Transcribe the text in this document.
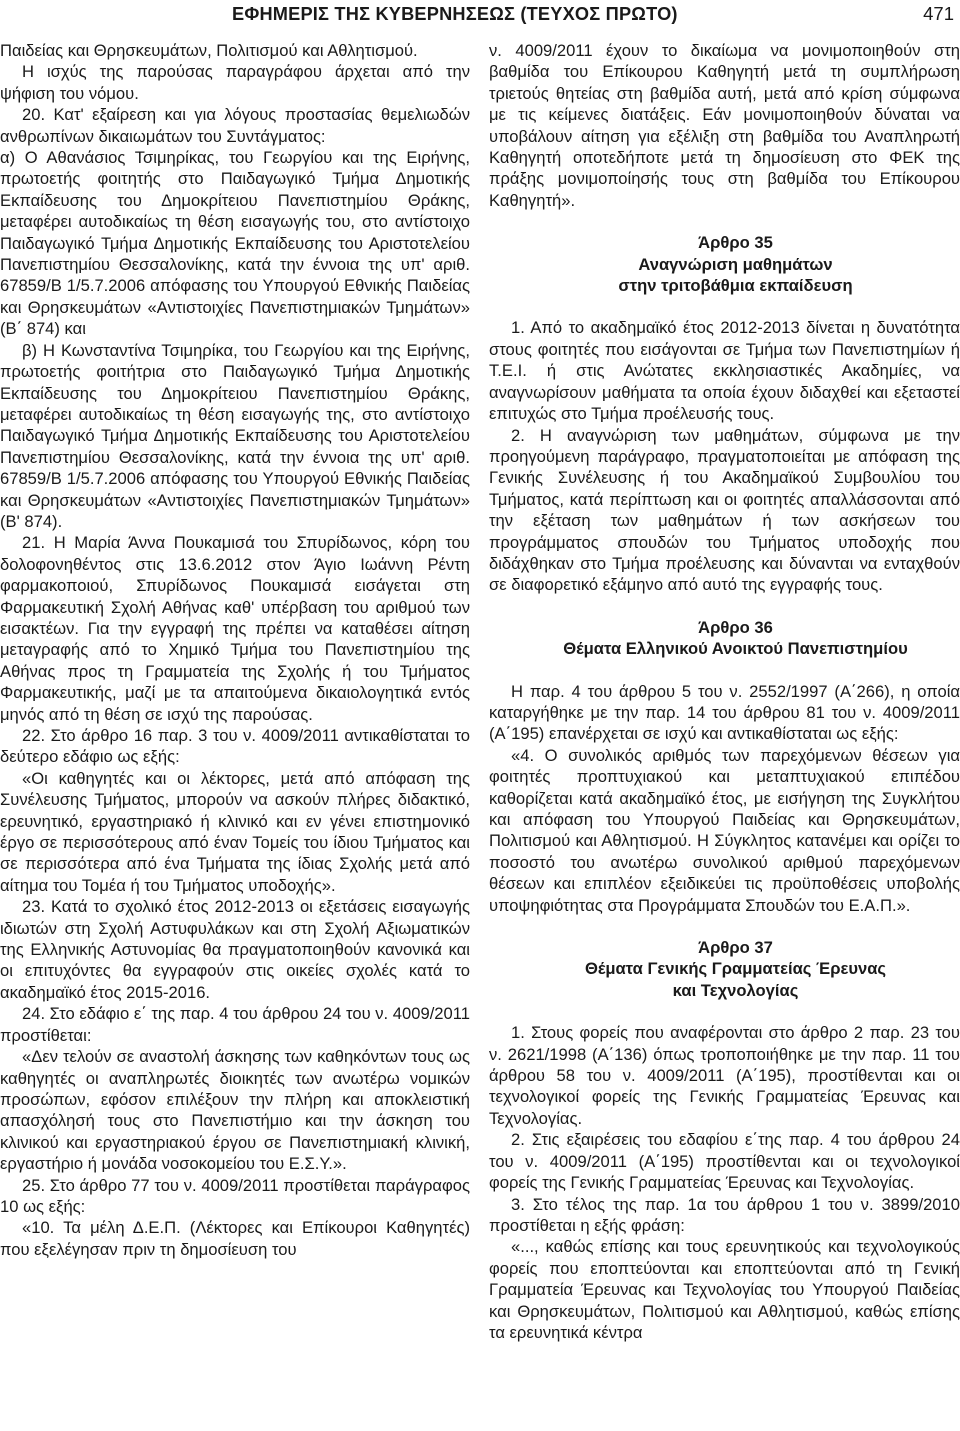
ΕΦΗΜΕΡΙΣ ΤΗΣ ΚΥΒΕΡΝΗΣΕΩΣ (ΤΕΥΧΟΣ ΠΡΩΤΟ)	471

Παιδείας και Θρησκευμάτων, Πολιτισμού και Αθλητισμού.

Η ισχύς της παρούσας παραγράφου άρχεται από την ψήφιση του νόμου.

20. Κατ' εξαίρεση και για λόγους προστασίας θεμελιωδών ανθρωπίνων δικαιωμάτων του Συντάγματος:

α) Ο Αθανάσιος Τσιμηρίκας, του Γεωργίου και της Ειρήνης, πρωτοετής φοιτητής στο Παιδαγωγικό Τμήμα Δημοτικής Εκπαίδευσης του Δημοκρίτειου Πανεπιστημίου Θράκης, μεταφέρει αυτοδικαίως τη θέση εισαγωγής του, στο αντίστοιχο Παιδαγωγικό Τμήμα Δημοτικής Εκπαίδευσης του Αριστοτελείου Πανεπιστημίου Θεσσαλονίκης, κατά την έννοια της υπ' αριθ. 67859/Β 1/5.7.2006 απόφασης του Υπουργού Εθνικής Παιδείας και Θρησκευμάτων «Αντιστοιχίες Πανεπιστημιακών Τμημάτων» (Β΄ 874) και

β) Η Κωνσταντίνα Τσιμηρίκα, του Γεωργίου και της Ειρήνης, πρωτοετής φοιτήτρια στο Παιδαγωγικό Τμήμα Δημοτικής Εκπαίδευσης του Δημοκρίτειου Πανεπιστημίου Θράκης, μεταφέρει αυτοδικαίως τη θέση εισαγωγής της, στο αντίστοιχο Παιδαγωγικό Τμήμα Δημοτικής Εκπαίδευσης του Αριστοτελείου Πανεπιστημίου Θεσσαλονίκης, κατά την έννοια της υπ' αριθ. 67859/Β 1/5.7.2006 απόφασης του Υπουργού Εθνικής Παιδείας και Θρησκευμάτων «Αντιστοιχίες Πανεπιστημιακών Τμημάτων» (Β' 874).

21. Η Μαρία Άννα Πουκαμισά του Σπυρίδωνος, κόρη του δολοφονηθέντος στις 13.6.2012 στον Άγιο Ιωάννη Ρέντη φαρμακοποιού, Σπυρίδωνος Πουκαμισά εισάγεται στη Φαρμακευτική Σχολή Αθήνας καθ' υπέρβαση του αριθμού των εισακτέων. Για την εγγραφή της πρέπει να καταθέσει αίτηση μεταγραφής από το Χημικό Τμήμα του Πανεπιστημίου της Αθήνας προς τη Γραμματεία της Σχολής ή του Τμήματος Φαρμακευτικής, μαζί με τα απαιτούμενα δικαιολογητικά εντός μηνός από τη θέση σε ισχύ της παρούσας.

22. Στο άρθρο 16 παρ. 3 του ν. 4009/2011 αντικαθίσταται το δεύτερο εδάφιο ως εξής:

«Οι καθηγητές και οι λέκτορες, μετά από απόφαση της Συνέλευσης Τμήματος, μπορούν να ασκούν πλήρες διδακτικό, ερευνητικό, εργαστηριακό ή κλινικό και εν γένει επιστημονικό έργο σε περισσότερους από έναν Τομείς του ίδιου Τμήματος και σε περισσότερα από ένα Τμήματα της ίδιας Σχολής μετά από αίτημα του Τομέα ή του Τμήματος υποδοχής».

23. Κατά το σχολικό έτος 2012-2013 οι εξετάσεις εισαγωγής ιδιωτών στη Σχολή Αστυφυλάκων και στη Σχολή Αξιωματικών της Ελληνικής Αστυνομίας θα πραγματοποιηθούν κανονικά και οι επιτυχόντες θα εγγραφούν στις οικείες σχολές κατά το ακαδημαϊκό έτος 2015-2016.

24. Στο εδάφιο ε΄ της παρ. 4 του άρθρου 24 του ν. 4009/2011 προστίθεται:

«Δεν τελούν σε αναστολή άσκησης των καθηκόντων τους ως καθηγητές οι αναπληρωτές διοικητές των ανωτέρω νομικών προσώπων, εφόσον επιλέξουν την πλήρη και αποκλειστική απασχόλησή τους στο Πανεπιστήμιο και την άσκηση του κλινικού και εργαστηριακού έργου σε Πανεπιστημιακή κλινική, εργαστήριο ή μονάδα νοσοκομείου του Ε.Σ.Υ.».

25. Στο άρθρο 77 του ν. 4009/2011 προστίθεται παράγραφος 10 ως εξής:

«10. Τα μέλη Δ.Ε.Π. (Λέκτορες και Επίκουροι Καθηγητές) που εξελέγησαν πριν τη δημοσίευση του

ν. 4009/2011 έχουν το δικαίωμα να μονιμοποιηθούν στη βαθμίδα του Επίκουρου Καθηγητή μετά τη συμπλήρωση τριετούς θητείας στη βαθμίδα αυτή, μετά από κρίση σύμφωνα με τις κείμενες διατάξεις. Εάν μονιμοποιηθούν δύναται να υποβάλουν αίτηση για εξέλιξη στη βαθμίδα του Αναπληρωτή Καθηγητή οποτεδήποτε μετά τη δημοσίευση στο ΦΕΚ της πράξης μονιμοποίησής τους στη βαθμίδα του Επίκουρου Καθηγητή».

Άρθρο 35

Αναγνώριση μαθημάτων

στην τριτοβάθμια εκπαίδευση

1. Από το ακαδημαϊκό έτος 2012-2013 δίνεται η δυνατότητα στους φοιτητές που εισάγονται σε Τμήμα των Πανεπιστημίων ή Τ.Ε.Ι. ή στις Ανώτατες εκκλησιαστικές Ακαδημίες, να αναγνωρίσουν μαθήματα τα οποία έχουν διδαχθεί και εξεταστεί επιτυχώς στο Τμήμα προέλευσής τους.

2. Η αναγνώριση των μαθημάτων, σύμφωνα με την προηγούμενη παράγραφο, πραγματοποιείται με απόφαση της Γενικής Συνέλευσης ή του Ακαδημαϊκού Συμβουλίου του Τμήματος, κατά περίπτωση και οι φοιτητές απαλλάσσονται από την εξέταση των μαθημάτων ή των ασκήσεων του προγράμματος σπουδών του Τμήματος υποδοχής που διδάχθηκαν στο Τμήμα προέλευσης και δύνανται να ενταχθούν σε διαφορετικό εξάμηνο από αυτό της εγγραφής τους.

Άρθρο 36

Θέματα Ελληνικού Ανοικτού Πανεπιστημίου

Η παρ. 4 του άρθρου 5 του ν. 2552/1997 (Α΄266), η οποία καταργήθηκε με την παρ. 14 του άρθρου 81 του ν. 4009/2011 (Α΄195) επανέρχεται σε ισχύ και αντικαθίσταται ως εξής:

«4. Ο συνολικός αριθμός των παρεχόμενων θέσεων για φοιτητές προπτυχιακού και μεταπτυχιακού επιπέδου καθορίζεται κατά ακαδημαϊκό έτος, με εισήγηση της Συγκλήτου και απόφαση του Υπουργού Παιδείας και Θρησκευμάτων, Πολιτισμού και Αθλητισμού. Η Σύγκλητος κατανέμει και ορίζει το ποσοστό του ανωτέρω συνολικού αριθμού παρεχόμενων θέσεων και επιπλέον εξειδικεύει τις προϋποθέσεις υποβολής υποψηφιότητας στα Προγράμματα Σπουδών του Ε.Α.Π.».

Άρθρο 37

Θέματα Γενικής Γραμματείας Έρευνας

και Τεχνολογίας

1. Στους φορείς που αναφέρονται στο άρθρο 2 παρ. 23 του ν. 2621/1998 (Α΄136) όπως τροποποιήθηκε με την παρ. 11 του άρθρου 58 του ν. 4009/2011 (Α΄195), προστίθενται και οι τεχνολογικοί φορείς της Γενικής Γραμματείας Έρευνας και Τεχνολογίας.

2. Στις εξαιρέσεις του εδαφίου ε΄της παρ. 4 του άρθρου 24 του ν. 4009/2011 (Α΄195) προστίθενται και οι τεχνολογικοί φορείς της Γενικής Γραμματείας Έρευνας και Τεχνολογίας.

3. Στο τέλος της παρ. 1α του άρθρου 1 του ν. 3899/2010 προστίθεται η εξής φράση:

«..., καθώς επίσης και τους ερευνητικούς και τεχνολογικούς φορείς που εποπτεύονται και εποπτεύονται από τη Γενική Γραμματεία Έρευνας και Τεχνολογίας του Υπουργού Παιδείας και Θρησκευμάτων, Πολιτισμού και Αθλητισμού, καθώς επίσης τα ερευνητικά κέντρα
